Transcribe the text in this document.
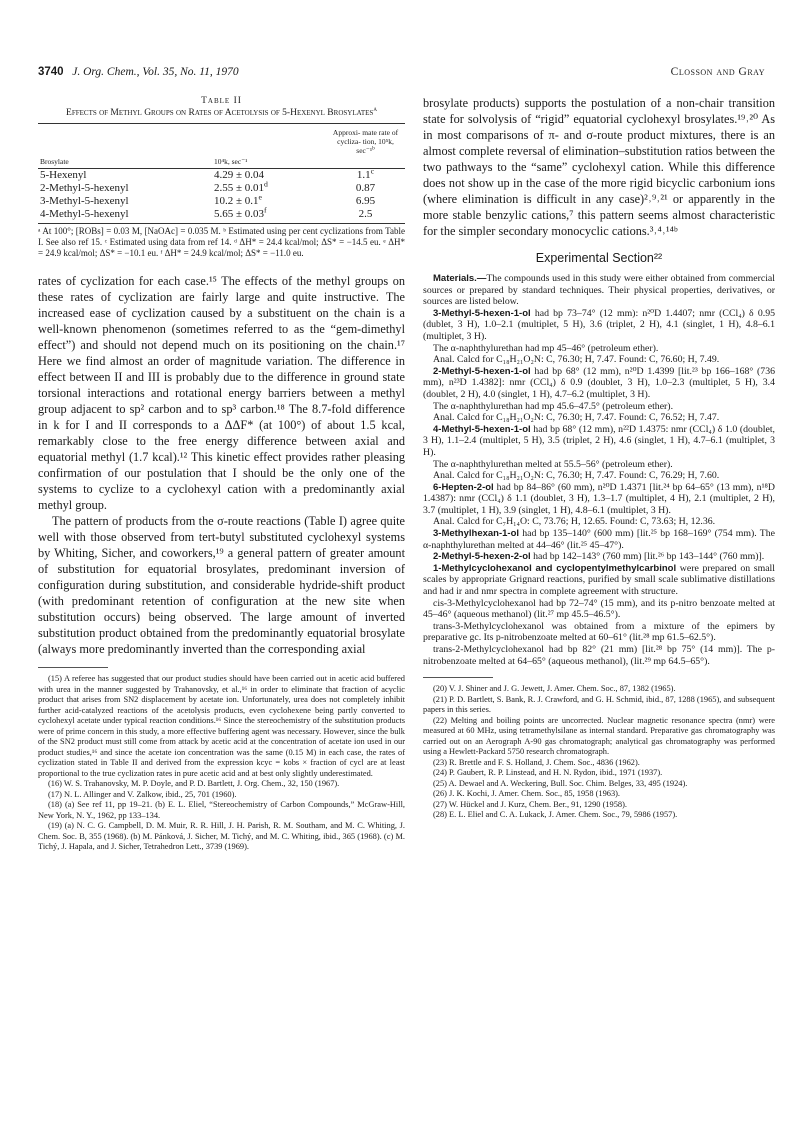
3740 J. Org. Chem., Vol. 35, No. 11, 1970	Closson and Gray
Table II
Effects of Methyl Groups on Rates of Acetolysis of 5-Hexenyl Brosylates$^a$
		Approxi- mate rate of cycliza- tion, 10⁵k, sec⁻¹$^b$
Brosylate	10⁴k, sec⁻¹	
5-Hexenyl	4.29 ± 0.04	1.1$^c$
2-Methyl-5-hexenyl	2.55 ± 0.01$^d$	0.87
3-Methyl-5-hexenyl	10.2 ± 0.1$^e$	6.95
4-Methyl-5-hexenyl	5.65 ± 0.03$^f$	2.5
ᵃ At 100°; [ROBs] = 0.03 M, [NaOAc] = 0.035 M. ᵇ Estimated using per cent cyclizations from Table I. See also ref 15. ᶜ Estimated using data from ref 14. ᵈ ΔH* = 24.4 kcal/mol; ΔS* = −14.5 eu. ᵉ ΔH* = 24.9 kcal/mol; ΔS* = −10.1 eu. ᶠ ΔH* = 24.9 kcal/mol; ΔS* = −11.0 eu.

rates of cyclization for each case.¹⁵ The effects of the methyl groups on these rates of cyclization are fairly large and quite instructive. The increased ease of cyclization caused by a substituent on the chain is a well-known phenomenon (sometimes referred to as the “gem-dimethyl effect”) and should not depend much on its positioning on the chain.¹⁷ Here we find almost an order of magnitude variation. The difference in effect between II and III is probably due to the difference in ground state torsional interactions and rotational energy barriers between a methyl group adjacent to sp² carbon and to sp³ carbon.¹⁸ The 8.7-fold difference in k for I and II corresponds to a ΔΔF* (at 100°) of about 1.5 kcal, remarkably close to the free energy difference between axial and equatorial methyl (1.7 kcal).¹² This kinetic effect provides rather pleasing confirmation of our postulation that I should be the only one of the systems to cyclize to a cyclohexyl cation with a predominantly axial methyl group.

The pattern of products from the σ-route reactions (Table I) agree quite well with those observed from tert-butyl substituted cyclohexyl systems by Whiting, Sicher, and coworkers,¹⁹ a general pattern of greater amount of substitution for equatorial brosylates, predominant inversion of configuration during substitution, and considerable hydride-shift product (with predominant retention of configuration at the new site when substitution occurs) being observed. The large amount of inverted substitution product obtained from the predominantly equatorial brosylate (always more predominantly inverted than the corresponding axial

(15) A referee has suggested that our product studies should have been carried out in acetic acid buffered with urea in the manner suggested by Trahanovsky, et al.,¹⁶ in order to eliminate that fraction of acyclic product that arises from SN2 displacement by acetate ion. Unfortunately, urea does not completely inhibit further acid-catalyzed reactions of the acetolysis products, even cyclohexene being partly converted to cyclohexyl acetate under typical reaction conditions.¹⁶ Since the stereochemistry of the substitution products were of prime concern in this study, a more effective buffering agent was necessary. However, since the bulk of the SN2 product must still come from attack by acetic acid at the concentration of acetate ion used in our product studies,¹⁶ and since the acetate ion concentration was the same (0.15 M) in each case, the rates of cyclization stated in Table II and derived from the expression kcyc = kobs × fraction of cycl are at least proportional to the true cyclization rates in pure acetic acid and at best only slightly underestimated.

(16) W. S. Trahanovsky, M. P. Doyle, and P. D. Bartlett, J. Org. Chem., 32, 150 (1967).

(17) N. L. Allinger and V. Zalkow, ibid., 25, 701 (1960).

(18) (a) See ref 11, pp 19–21. (b) E. L. Eliel, “Stereochemistry of Carbon Compounds,” McGraw-Hill, New York, N. Y., 1962, pp 133–134.

(19) (a) N. C. G. Campbell, D. M. Muir, R. R. Hill, J. H. Parish, R. M. Southam, and M. C. Whiting, J. Chem. Soc. B, 355 (1968). (b) M. Pánková, J. Sicher, M. Tichý, and M. C. Whiting, ibid., 365 (1968). (c) M. Tichý, J. Hapala, and J. Sicher, Tetrahedron Lett., 3739 (1969).

brosylate products) supports the postulation of a non-chair transition state for solvolysis of “rigid” equatorial cyclohexyl brosylates.¹⁹˒²⁰ As in most comparisons of π- and σ-route product mixtures, there is an almost complete reversal of elimination–substitution ratios between the two pathways to the “same” cyclohexyl cation. While this difference does not show up in the case of the more rigid bicyclic carbonium ions (where elimination is difficult in any case)²˒⁹˒²¹ or apparently in the more stable benzylic cations,⁷ this pattern seems almost characteristic for the simpler secondary monocyclic cations.³˒⁴˒¹⁴ᵇ

Experimental Section²²

Materials.—The compounds used in this study were either obtained from commercial sources or prepared by standard techniques. Their physical properties, derivatives, or sources are listed below.

3-Methyl-5-hexen-1-ol had bp 73–74° (12 mm): n²⁰D 1.4407; nmr (CCl₄) δ 0.95 (dublet, 3 H), 1.0–2.1 (multiplet, 5 H), 3.6 (triplet, 2 H), 4.1 (singlet, 1 H), 4.8–6.1 (multiplet, 3 H).

The α-naphthylurethan had mp 45–46° (petroleum ether).

Anal. Calcd for C₁₈H₂₁O₂N: C, 76.30; H, 7.47. Found: C, 76.60; H, 7.49.

2-Methyl-5-hexen-1-ol had bp 68° (12 mm), n²⁰D 1.4399 [lit.²³ bp 166–168° (736 mm), n²³D 1.4382]: nmr (CCl₄) δ 0.9 (doublet, 3 H), 1.0–2.3 (multiplet, 5 H), 3.4 (doublet, 2 H), 4.0 (singlet, 1 H), 4.7–6.2 (multiplet, 3 H).

The α-naphthylurethan had mp 45.6–47.5° (petroleum ether).

Anal. Calcd for C₁₈H₂₁O₂N: C, 76.30; H, 7.47. Found: C, 76.52; H, 7.47.

4-Methyl-5-hexen-1-ol had bp 68° (12 mm), n²²D 1.4375: nmr (CCl₄) δ 1.0 (doublet, 3 H), 1.1–2.4 (multiplet, 5 H), 3.5 (triplet, 2 H), 4.6 (singlet, 1 H), 4.7–6.1 (multiplet, 3 H).

The α-naphthylurethan melted at 55.5–56° (petroleum ether).

Anal. Calcd for C₁₈H₂₁O₂N: C, 76.30; H, 7.47. Found: C, 76.29; H, 7.60.

6-Hepten-2-ol had bp 84–86° (60 mm), n²⁰D 1.4371 [lit.²⁴ bp 64–65° (13 mm), n¹⁸D 1.4387): nmr (CCl₄) δ 1.1 (doublet, 3 H), 1.3–1.7 (multiplet, 4 H), 2.1 (multiplet, 2 H), 3.7 (multiplet, 1 H), 3.9 (singlet, 1 H), 4.8–6.1 (multiplet, 3 H).

Anal. Calcd for C₇H₁₄O: C, 73.76; H, 12.65. Found: C, 73.63; H, 12.36.

3-Methylhexan-1-ol had bp 135–140° (600 mm) [lit.²⁵ bp 168–169° (754 mm). The α-naphthylurethan melted at 44–46° (lit.²⁵ 45–47°).

2-Methyl-5-hexen-2-ol had bp 142–143° (760 mm) [lit.²⁶ bp 143–144° (760 mm)].

1-Methylcyclohexanol and cyclopentylmethylcarbinol were prepared on small scales by appropriate Grignard reactions, purified by small scale sublimative distillations and had ir and nmr spectra in complete agreement with structure.

cis-3-Methylcyclohexanol had bp 72–74° (15 mm), and its p-nitro benzoate melted at 45–46° (aqueous methanol) (lit.²⁷ mp 45.5–46.5°).

trans-3-Methylcyclohexanol was obtained from a mixture of the epimers by preparative gc. Its p-nitrobenzoate melted at 60–61° (lit.²⁸ mp 61.5–62.5°).

trans-2-Methylcyclohexanol had bp 82° (21 mm) [lit.²⁸ bp 75° (14 mm)]. The p-nitrobenzoate melted at 64–65° (aqueous methanol), (lit.²⁹ mp 64.5–65°).

(20) V. J. Shiner and J. G. Jewett, J. Amer. Chem. Soc., 87, 1382 (1965).

(21) P. D. Bartlett, S. Bank, R. J. Crawford, and G. H. Schmid, ibid., 87, 1288 (1965), and subsequent papers in this series.

(22) Melting and boiling points are uncorrected. Nuclear magnetic resonance spectra (nmr) were measured at 60 MHz, using tetramethylsilane as internal standard. Preparative gas chromatography was carried out on an Aerograph A-90 gas chromatograph; analytical gas chromatography was performed using a Hewlett-Packard 5750 research chromatograph.

(23) R. Brettle and F. S. Holland, J. Chem. Soc., 4836 (1962).

(24) P. Gaubert, R. P. Linstead, and H. N. Rydon, ibid., 1971 (1937).

(25) A. Dewael and A. Weckering, Bull. Soc. Chim. Belges, 33, 495 (1924).

(26) J. K. Kochi, J. Amer. Chem. Soc., 85, 1958 (1963).

(27) W. Hückel and J. Kurz, Chem. Ber., 91, 1290 (1958).

(28) E. L. Eliel and C. A. Lukack, J. Amer. Chem. Soc., 79, 5986 (1957).
